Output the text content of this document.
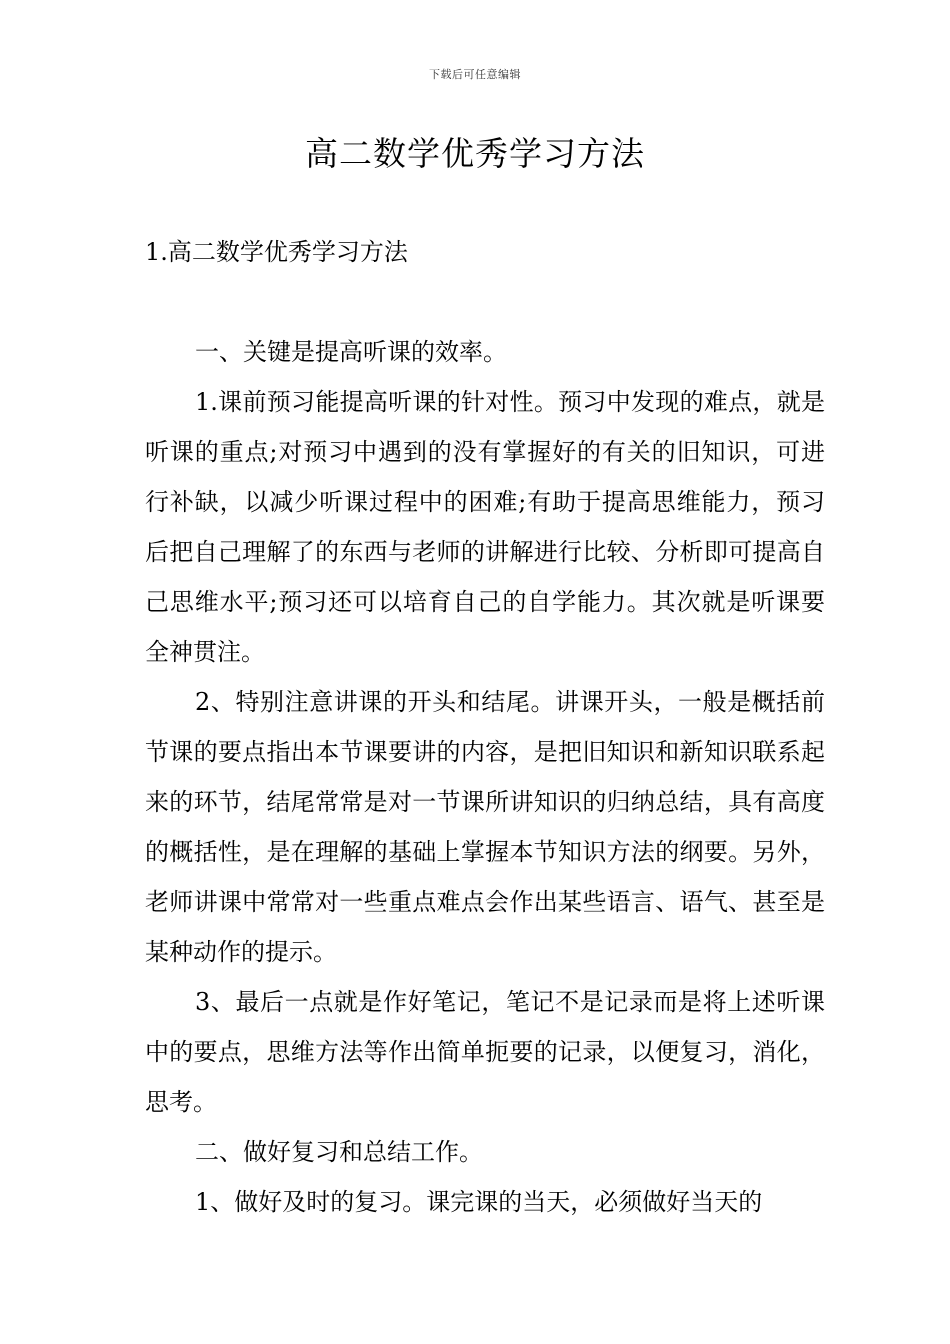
下载后可任意编辑
高二数学优秀学习方法

1.高二数学优秀学习方法

一、关键是提高听课的效率。

1.课前预习能提高听课的针对性。预习中发现的难点，就是听课的重点;对预习中遇到的没有掌握好的有关的旧知识，可进行补缺，以减少听课过程中的困难;有助于提高思维能力，预习后把自己理解了的东西与老师的讲解进行比较、分析即可提高自己思维水平;预习还可以培育自己的自学能力。其次就是听课要全神贯注。

2、特别注意讲课的开头和结尾。讲课开头，一般是概括前节课的要点指出本节课要讲的内容，是把旧知识和新知识联系起来的环节，结尾常常是对一节课所讲知识的归纳总结，具有高度的概括性，是在理解的基础上掌握本节知识方法的纲要。另外，老师讲课中常常对一些重点难点会作出某些语言、语气、甚至是某种动作的提示。

3、最后一点就是作好笔记，笔记不是记录而是将上述听课中的要点，思维方法等作出简单扼要的记录，以便复习，消化，思考。

二、做好复习和总结工作。

1、做好及时的复习。课完课的当天，必须做好当天的
